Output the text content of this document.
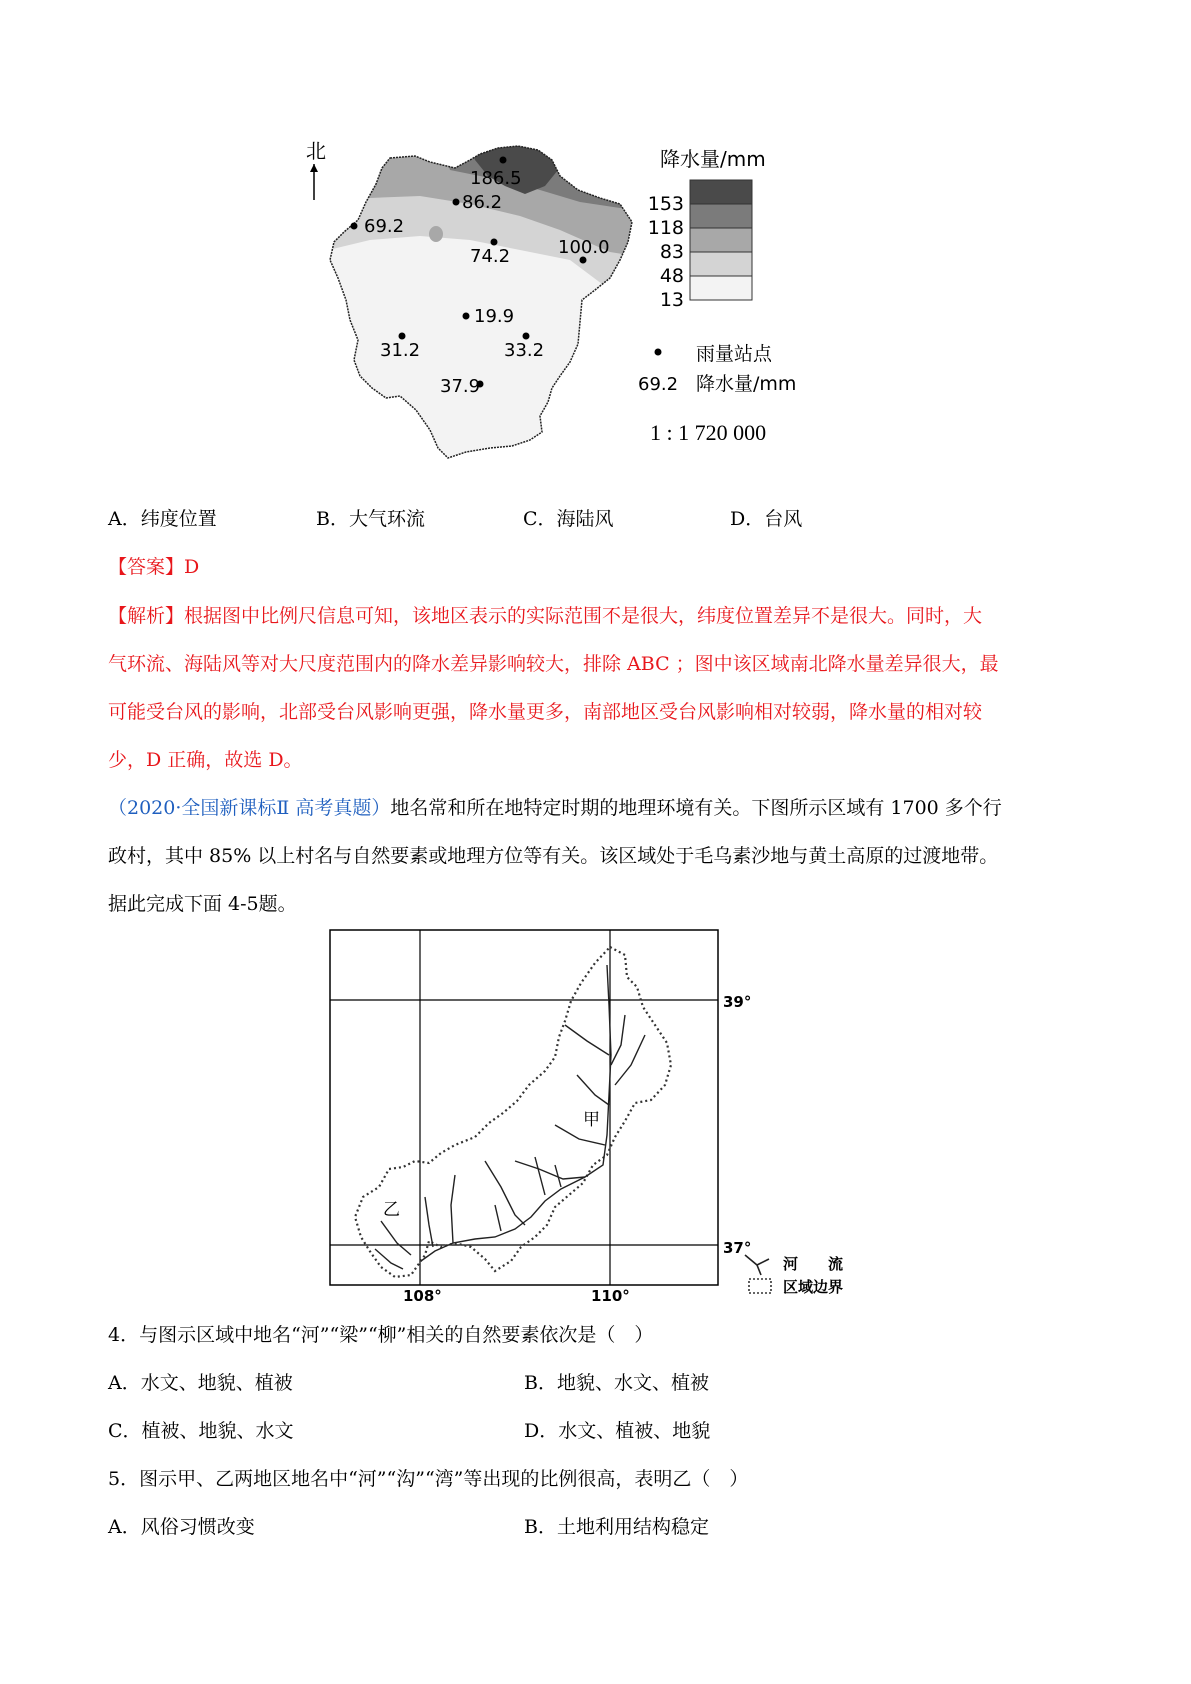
北
186.5
86.2
69.2
74.2	100.0
19.9
31.2	33.2
37.9
降水量/mm
153
118
83
48
13
雨量站点
69.2 降水量/mm
1 : 1 720 000
A．纬度位置	B．大气环流	C．海陆风	D．台风
【答案】D
【解析】根据图中比例尺信息可知，该地区表示的实际范围不是很大，纬度位置差异不是很大。同时，大
气环流、海陆风等对大尺度范围内的降水差异影响较大，排除 ABC ；图中该区域南北降水量差异很大，最
可能受台风的影响，北部受台风影响更强，降水量更多，南部地区受台风影响相对较弱，降水量的相对较
少，D 正确，故选 D。
（2020·全国新课标Ⅱ 高考真题）地名常和所在地特定时期的地理环境有关。下图所示区域有 1700 多个行
政村，其中 85% 以上村名与自然要素或地理方位等有关。该区域处于毛乌素沙地与黄土高原的过渡地带。
据此完成下面 4-5题。
甲
乙
39°
37°
108°	110°
河　　流
区域边界
4．与图示区域中地名“河”“梁”“柳”相关的自然要素依次是（　）
A．水文、地貌、植被	B．地貌、水文、植被
C．植被、地貌、水文	D．水文、植被、地貌
5．图示甲、乙两地区地名中“河”“沟”“湾”等出现的比例很高，表明乙（　）
A．风俗习惯改变	B．土地利用结构稳定
